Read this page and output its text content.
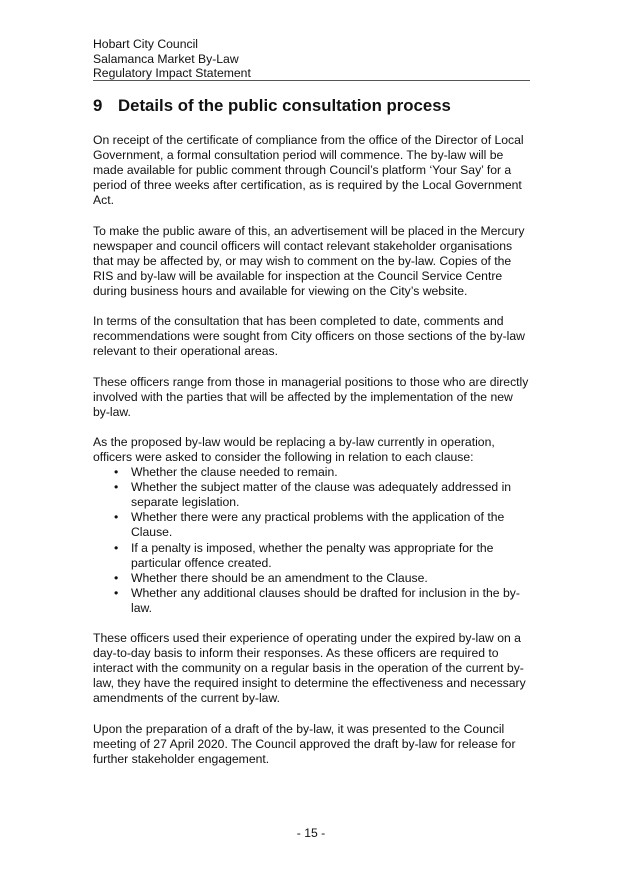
Hobart City Council
Salamanca Market By-Law
Regulatory Impact Statement
9 Details of the public consultation process

On receipt of the certificate of compliance from the office of the Director of Local Government, a formal consultation period will commence. The by-law will be made available for public comment through Council’s platform ‘Your Say’ for a period of three weeks after certification, as is required by the Local Government Act.

To make the public aware of this, an advertisement will be placed in the Mercury newspaper and council officers will contact relevant stakeholder organisations that may be affected by, or may wish to comment on the by-law. Copies of the RIS and by-law will be available for inspection at the Council Service Centre during business hours and available for viewing on the City’s website.

In terms of the consultation that has been completed to date, comments and recommendations were sought from City officers on those sections of the by-law relevant to their operational areas.

These officers range from those in managerial positions to those who are directly involved with the parties that will be affected by the implementation of the new by-law.

As the proposed by-law would be replacing a by-law currently in operation, officers were asked to consider the following in relation to each clause:

• Whether the clause needed to remain.
• Whether the subject matter of the clause was adequately addressed in separate legislation.
• Whether there were any practical problems with the application of the Clause.
• If a penalty is imposed, whether the penalty was appropriate for the particular offence created.
• Whether there should be an amendment to the Clause.
• Whether any additional clauses should be drafted for inclusion in the by-law.

These officers used their experience of operating under the expired by-law on a day-to-day basis to inform their responses. As these officers are required to interact with the community on a regular basis in the operation of the current by-law, they have the required insight to determine the effectiveness and necessary amendments of the current by-law.

Upon the preparation of a draft of the by-law, it was presented to the Council meeting of 27 April 2020. The Council approved the draft by-law for release for further stakeholder engagement.

- 15 -
